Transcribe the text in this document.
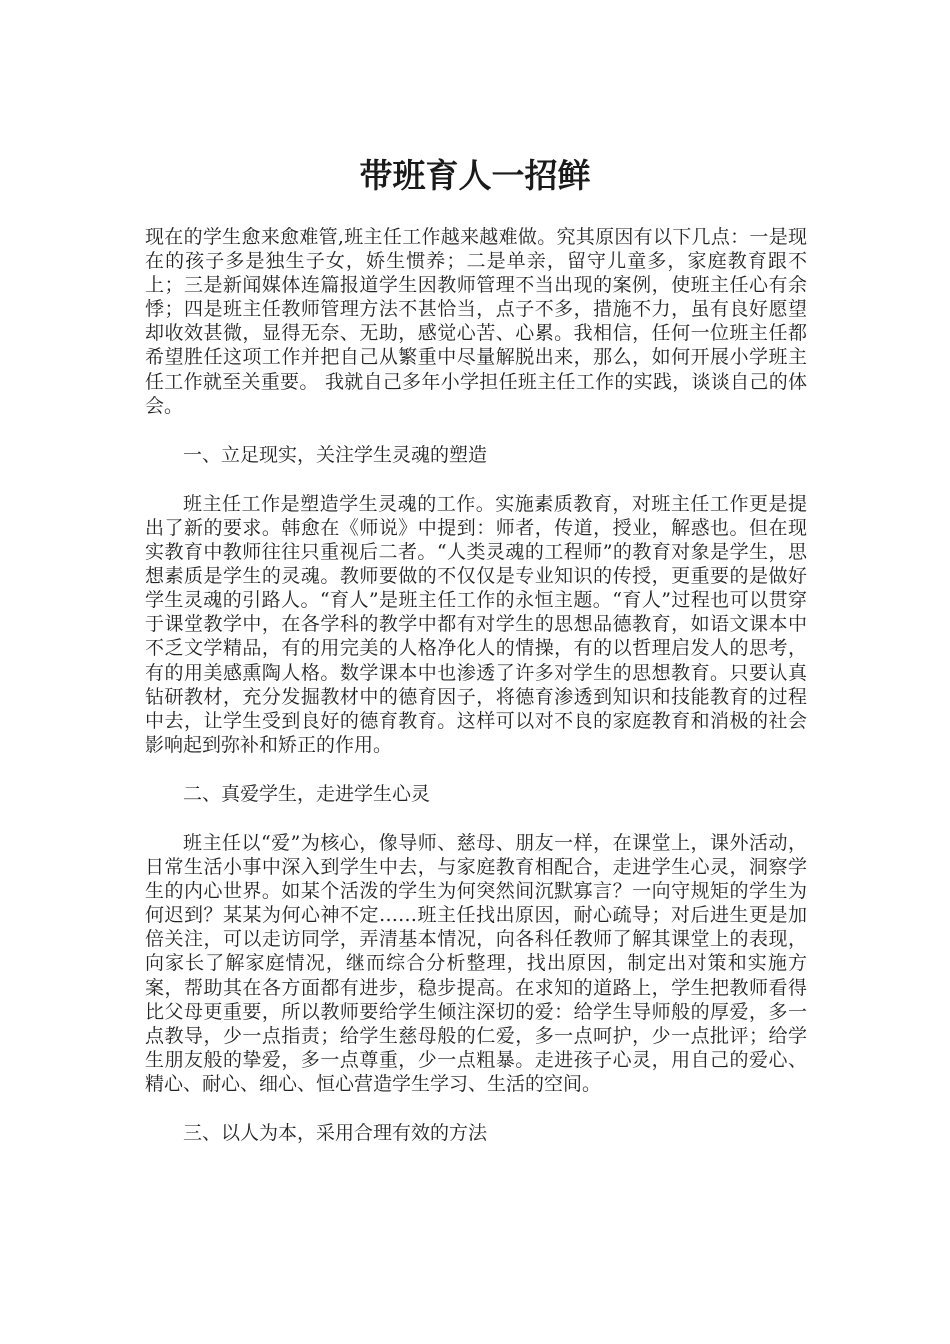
带班育人一招鲜

现在的学生愈来愈难管,班主任工作越来越难做。究其原因有以下几点：一是现在的孩子多是独生子女，娇生惯养；二是单亲，留守儿童多，家庭教育跟不上；三是新闻媒体连篇报道学生因教师管理不当出现的案例，使班主任心有余悸；四是班主任教师管理方法不甚恰当，点子不多，措施不力，虽有良好愿望却收效甚微，显得无奈、无助，感觉心苦、心累。我相信，任何一位班主任都希望胜任这项工作并把自己从繁重中尽量解脱出来，那么，如何开展小学班主任工作就至关重要。 我就自己多年小学担任班主任工作的实践，谈谈自己的体会。

一、立足现实，关注学生灵魂的塑造

班主任工作是塑造学生灵魂的工作。实施素质教育，对班主任工作更是提出了新的要求。韩愈在《师说》中提到：师者，传道，授业，解惑也。但在现实教育中教师往往只重视后二者。“人类灵魂的工程师”的教育对象是学生，思想素质是学生的灵魂。教师要做的不仅仅是专业知识的传授，更重要的是做好学生灵魂的引路人。“育人”是班主任工作的永恒主题。“育人”过程也可以贯穿于课堂教学中，在各学科的教学中都有对学生的思想品德教育，如语文课本中不乏文学精品，有的用完美的人格净化人的情操，有的以哲理启发人的思考，有的用美感熏陶人格。数学课本中也渗透了许多对学生的思想教育。只要认真钻研教材，充分发掘教材中的德育因子，将德育渗透到知识和技能教育的过程中去，让学生受到良好的德育教育。这样可以对不良的家庭教育和消极的社会影响起到弥补和矫正的作用。

二、真爱学生，走进学生心灵

班主任以“爱”为核心，像导师、慈母、朋友一样，在课堂上，课外活动，日常生活小事中深入到学生中去，与家庭教育相配合，走进学生心灵，洞察学生的内心世界。如某个活泼的学生为何突然间沉默寡言？一向守规矩的学生为何迟到？某某为何心神不定……班主任找出原因，耐心疏导；对后进生更是加倍关注，可以走访同学，弄清基本情况，向各科任教师了解其课堂上的表现，向家长了解家庭情况，继而综合分析整理，找出原因，制定出对策和实施方案，帮助其在各方面都有进步，稳步提高。在求知的道路上，学生把教师看得比父母更重要，所以教师要给学生倾注深切的爱：给学生导师般的厚爱，多一点教导，少一点指责；给学生慈母般的仁爱，多一点呵护，少一点批评；给学生朋友般的挚爱，多一点尊重，少一点粗暴。走进孩子心灵，用自己的爱心、精心、耐心、细心、恒心营造学生学习、生活的空间。

三、以人为本，采用合理有效的方法
